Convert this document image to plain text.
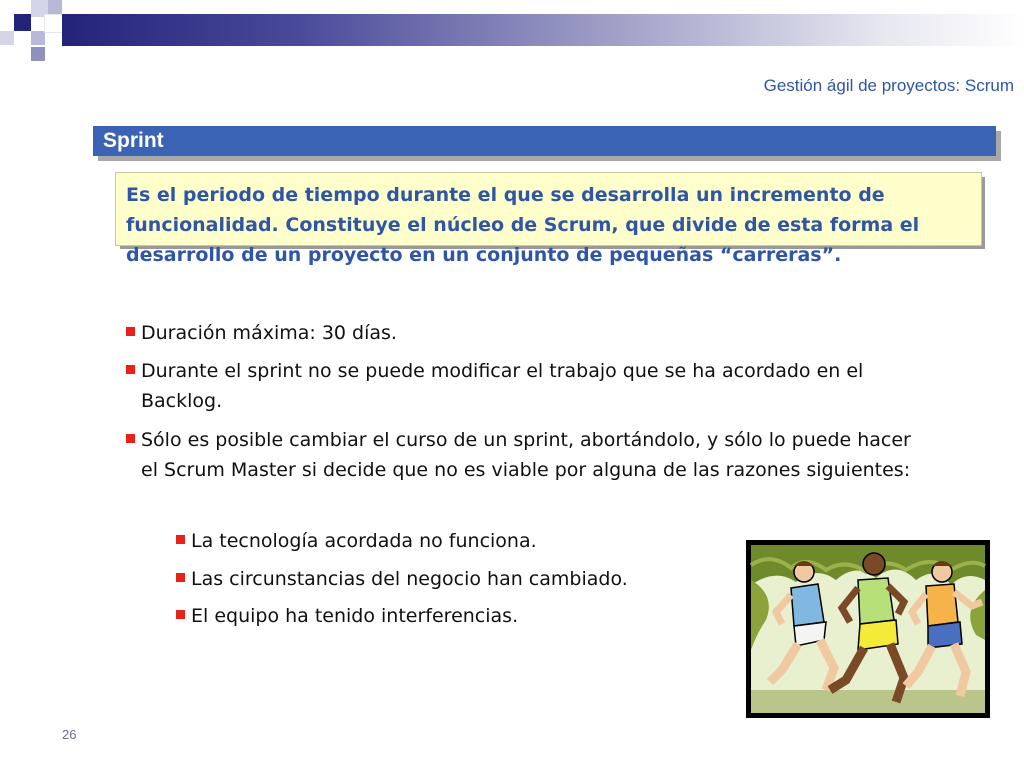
Gestión ágil de proyectos: Scrum
Sprint
Es el periodo de tiempo durante el que se desarrolla un incremento de funcionalidad. Constituye el núcleo de Scrum, que divide de esta forma el desarrollo de un proyecto en un conjunto de pequeñas “carreras”.
Duración máxima: 30 días.
Durante el sprint no se puede modificar el trabajo que se ha acordado en el Backlog.
Sólo es posible cambiar el curso de un sprint, abortándolo, y sólo lo puede hacer el Scrum Master si decide que no es viable por alguna de las razones siguientes:
La tecnología acordada no funciona.
Las circunstancias del negocio han cambiado.
El equipo ha tenido interferencias.
26
